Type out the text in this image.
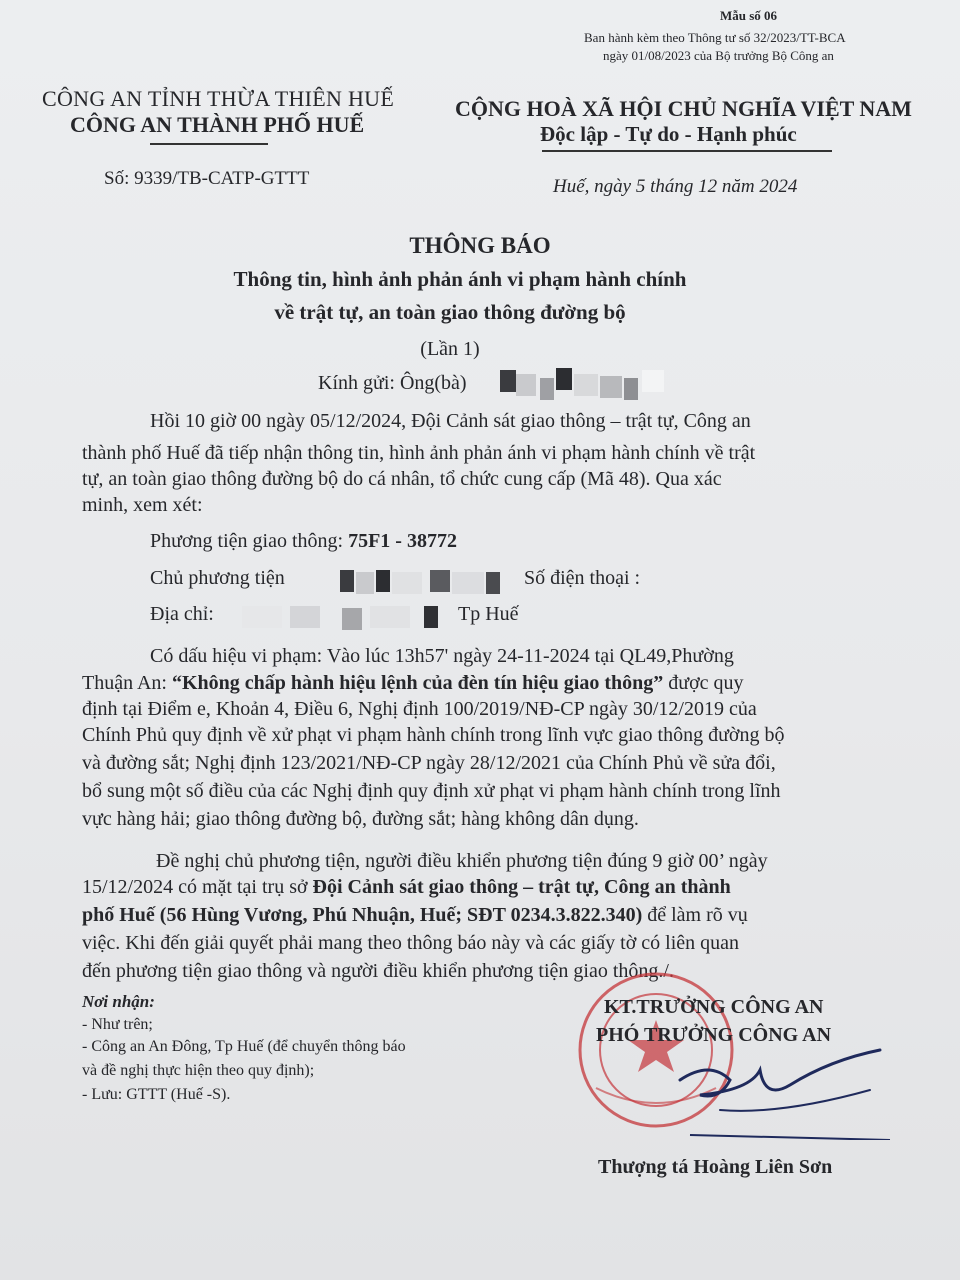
Mẫu số 06
Ban hành kèm theo Thông tư số 32/2023/TT-BCA
ngày 01/08/2023 của Bộ trưởng Bộ Công an
CÔNG AN TỈNH THỪA THIÊN HUẾ
CÔNG AN THÀNH PHỐ HUẾ
Số: 9339/TB-CATP-GTTT
CỘNG HOÀ XÃ HỘI CHỦ NGHĨA VIỆT NAM
Độc lập - Tự do - Hạnh phúc
Huế, ngày 5 tháng 12 năm 2024
THÔNG BÁO
Thông tin, hình ảnh phản ánh vi phạm hành chính
về trật tự, an toàn giao thông đường bộ
(Lần 1)
Kính gửi: Ông(bà)
Hồi 10 giờ 00 ngày 05/12/2024, Đội Cảnh sát giao thông – trật tự, Công an
thành phố Huế đã tiếp nhận thông tin, hình ảnh phản ánh vi phạm hành chính về trật
tự, an toàn giao thông đường bộ do cá nhân, tổ chức cung cấp (Mã 48). Qua xác
minh, xem xét:
Phương tiện giao thông: 75F1 - 38772
Chủ phương tiện	Số điện thoại :
Địa chỉ:	Tp Huế
Có dấu hiệu vi phạm: Vào lúc 13h57' ngày 24-11-2024 tại QL49,Phường
Thuận An: “Không chấp hành hiệu lệnh của đèn tín hiệu giao thông” được quy
định tại Điểm e, Khoản 4, Điều 6, Nghị định 100/2019/NĐ-CP ngày 30/12/2019 của
Chính Phủ quy định về xử phạt vi phạm hành chính trong lĩnh vực giao thông đường bộ
và đường sắt; Nghị định 123/2021/NĐ-CP ngày 28/12/2021 của Chính Phủ về sửa đổi,
bổ sung một số điều của các Nghị định quy định xử phạt vi phạm hành chính trong lĩnh
vực hàng hải; giao thông đường bộ, đường sắt; hàng không dân dụng.
Đề nghị chủ phương tiện, người điều khiển phương tiện đúng 9 giờ 00’ ngày
15/12/2024 có mặt tại trụ sở Đội Cảnh sát giao thông – trật tự, Công an thành
phố Huế (56 Hùng Vương, Phú Nhuận, Huế; SĐT 0234.3.822.340) để làm rõ vụ
việc. Khi đến giải quyết phải mang theo thông báo này và các giấy tờ có liên quan
đến phương tiện giao thông và người điều khiển phương tiện giao thông./.
Nơi nhận:
- Như trên;
- Công an An Đông, Tp Huế (để chuyển thông báo
và đề nghị thực hiện theo quy định);
- Lưu: GTTT (Huế -S).
KT.TRƯỞNG CÔNG AN
PHÓ TRƯỞNG CÔNG AN
Thượng tá Hoàng Liên Sơn
